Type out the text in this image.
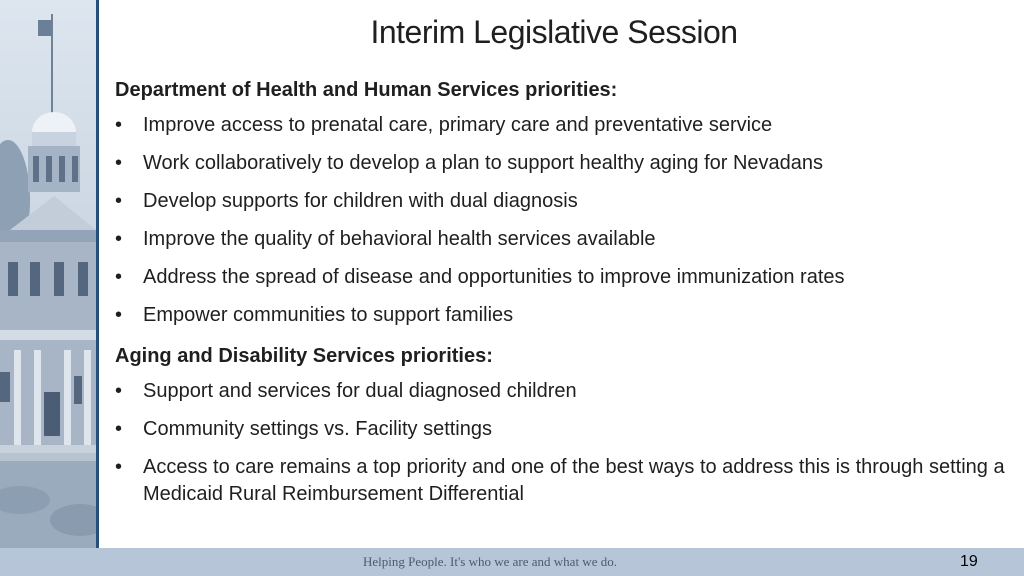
Interim Legislative Session
Department of Health and Human Services priorities:
• Improve access to prenatal care, primary care and preventative service
• Work collaboratively to develop a plan to support healthy aging for Nevadans
• Develop supports for children with dual diagnosis
• Improve the quality of behavioral health services available
• Address the spread of disease and opportunities to improve immunization rates
• Empower communities to support families
Aging and Disability Services priorities:
• Support and services for dual diagnosed children
• Community settings vs. Facility settings
• Access to care remains a top priority and one of the best ways to address this is through setting a Medicaid Rural Reimbursement Differential
Helping People. It's who we are and what we do.	19
